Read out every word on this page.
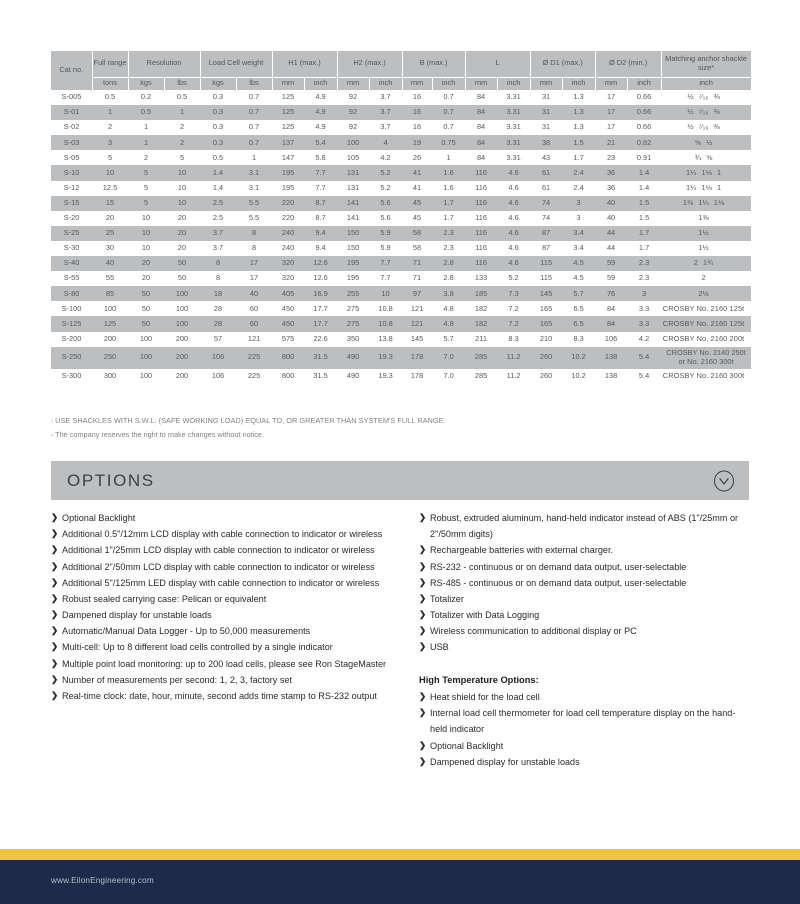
Cat no.	Full range	Resolution		Load Cell weight		H1 (max.)		H2 (max.)		B (max.)		L		Ø D1 (max.)		Ø D2 (min.)		Matching anchor shackle size*	
	tons	kgs	lbs	kgs	lbs	mm	inch	mm	inch	mm	inch	mm	inch	mm	inch	mm	inch	inch	
S-005	0.5	0.2	0.5	0.3	0.7	125	4.9	92	3.7	16	0.7	84	3.31	31	1.3	17	0.66	½ ⁷⁄₁₆ ⅜	
S-01	1	0.5	1	0.3	0.7	125	4.9	92	3.7	16	0.7	84	3.31	31	1.3	17	0.66	½ ⁷⁄₁₆ ⅜	
S-02	2	1	2	0.3	0.7	125	4.9	92	3.7	16	0.7	84	3.31	31	1.3	17	0.66	½ ⁷⁄₁₆ ⅜	
S-03	3	1	2	0.3	0.7	137	5.4	100	4	19	0.75	84	3.31	38	1.5	21	0.82	⅝ ½	
S-05	5	2	5	0.5	1	147	5.8	105	4.2	26	1	84	3.31	43	1.7	23	0.91	¾ ⅝	
S-10	10	5	10	1.4	3.1	195	7.7	131	5.2	41	1.6	116	4.6	61	2.4	36	1.4	1¼ 1⅛ 1	
S-12	12.5	5	10	1.4	3.1	195	7.7	131	5.2	41	1.6	116	4.6	61	2.4	36	1.4	1¼ 1⅛ 1	
S-15	15	5	10	2.5	5.5	220	8.7	141	5.6	45	1.7	116	4.6	74	3	40	1.5	1⅜ 1¼ 1⅛	
S-20	20	10	20	2.5	5.5	220	8.7	141	5.6	45	1.7	116	4.6	74	3	40	1.5	1⅜	
S-25	25	10	20	3.7	8	240	9.4	150	5.9	58	2.3	116	4.6	87	3.4	44	1.7	1½	
S-30	30	10	20	3.7	8	240	9.4	150	5.9	58	2.3	116	4.6	87	3.4	44	1.7	1½	
S-40	40	20	50	8	17	320	12.6	195	7.7	71	2.8	116	4.6	115	4.5	59	2.3	2 1¾	
S-55	55	20	50	8	17	320	12.6	195	7.7	71	2.8	133	5.2	115	4.5	59	2.3	2	
S-80	85	50	100	18	40	405	16.9	255	10	97	3.8	185	7.3	145	5.7	76	3	2½	
S-100	100	50	100	28	60	450	17.7	275	10.8	121	4.8	182	7.2	165	6.5	84	3.3	CROSBY No. 2160 125t	
S-125	125	50	100	28	60	450	17.7	275	10.8	121	4.8	182	7.2	165	6.5	84	3.3	CROSBY No. 2160 125t	
S-200	200	100	200	57	121	575	22.6	350	13.8	145	5.7	211	8.3	210	8.3	106	4.2	CROSBY No. 2160 200t	
S-250	250	100	200	106	225	800	31.5	490	19.3	178	7.0	285	11.2	260	10.2	138	5.4	CROSBY No. 2140 250t
or No. 2160 300t	

S-300	300	100	200	106	225	800	31.5	490	19.3	178	7.0	285	11.2	260	10.2	138	5.4	CROSBY No. 2160 300t	
› USE SHACKLES WITH S.W.L. (SAFE WORKING LOAD) EQUAL TO, OR GREATER THAN SYSTEM'S FULL RANGE.
› The company reserves the right to make changes without notice.
OPTIONS
❯ Optional Backlight
❯ Additional 0.5"/12mm LCD display with cable connection to indicator or wireless
❯ Additional 1"/25mm LCD display with cable connection to indicator or wireless
❯ Additional 2"/50mm LCD display with cable connection to indicator or wireless
❯ Additional 5"/125mm LED display with cable connection to indicator or wireless
❯ Robust sealed carrying case: Pelican or equivalent
❯ Dampened display for unstable loads
❯ Automatic/Manual Data Logger - Up to 50,000 measurements
❯ Multi-cell: Up to 8 different load cells controlled by a single indicator
❯ Multiple point load monitoring: up to 200 load cells, please see Ron StageMaster
❯ Number of measurements per second: 1, 2, 3, factory set
❯ Real-time clock: date, hour, minute, second adds time stamp to RS-232 output
❯ Robust, extruded aluminum, hand-held indicator instead of ABS (1"/25mm or 2"/50mm digits)
❯ Rechargeable batteries with external charger.
❯ RS-232 - continuous or on demand data output, user-selectable
❯ RS-485 - continuous or on demand data output, user-selectable
❯ Totalizer
❯ Totalizer with Data Logging
❯ Wireless communication to additional display or PC
❯ USB
High Temperature Options:
❯ Heat shield for the load cell
❯ Internal load cell thermometer for load cell temperature display on the hand-held indicator
❯ Optional Backlight
❯ Dampened display for unstable loads
www.EilonEngineering.com
